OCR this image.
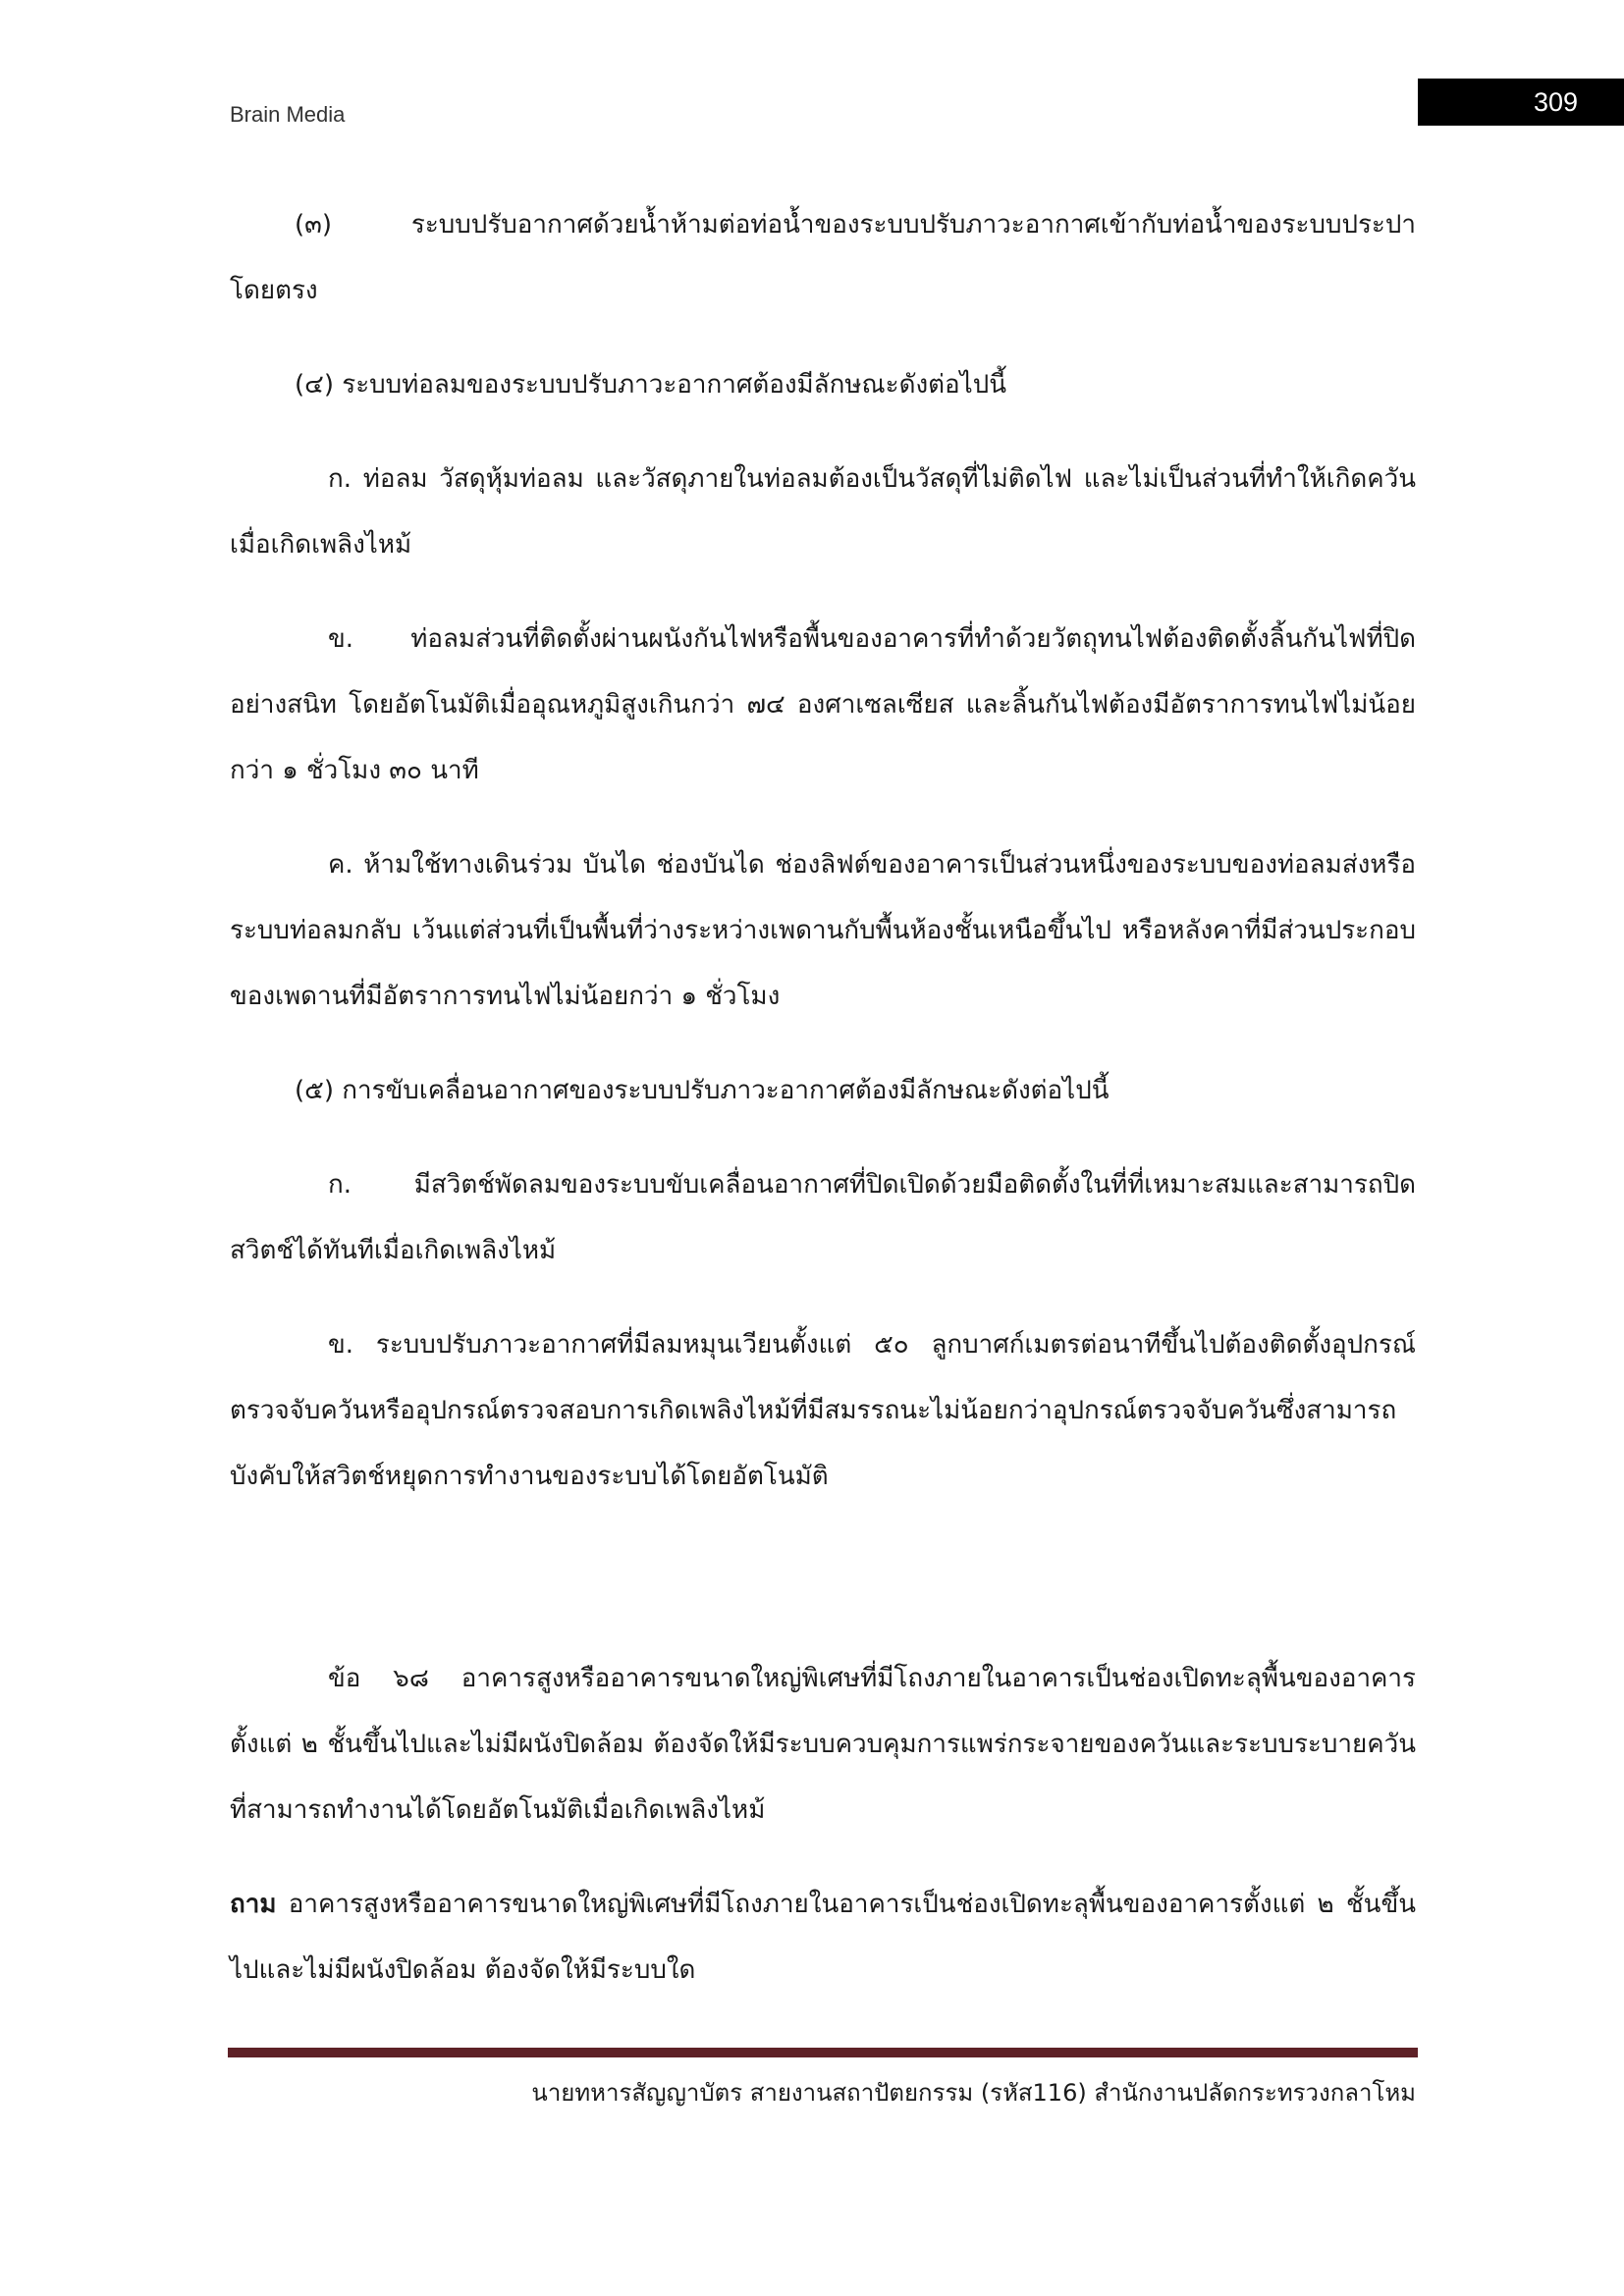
Brain Media	309

(๓) ระบบปรับอากาศด้วยน้ำห้ามต่อท่อน้ำของระบบปรับภาวะอากาศเข้ากับท่อน้ำของระบบประปาโดยตรง

(๔) ระบบท่อลมของระบบปรับภาวะอากาศต้องมีลักษณะดังต่อไปนี้

ก. ท่อลม วัสดุหุ้มท่อลม และวัสดุภายในท่อลมต้องเป็นวัสดุที่ไม่ติดไฟ และไม่เป็นส่วนที่ทำให้เกิดควันเมื่อเกิดเพลิงไหม้

ข. ท่อลมส่วนที่ติดตั้งผ่านผนังกันไฟหรือพื้นของอาคารที่ทำด้วยวัตถุทนไฟต้องติดตั้งลิ้นกันไฟที่ปิดอย่างสนิท โดยอัตโนมัติเมื่ออุณหภูมิสูงเกินกว่า ๗๔ องศาเซลเซียส และลิ้นกันไฟต้องมีอัตราการทนไฟไม่น้อยกว่า ๑ ชั่วโมง ๓๐ นาที

ค. ห้ามใช้ทางเดินร่วม บันได ช่องบันได ช่องลิฟต์ของอาคารเป็นส่วนหนึ่งของระบบของท่อลมส่งหรือระบบท่อลมกลับ เว้นแต่ส่วนที่เป็นพื้นที่ว่างระหว่างเพดานกับพื้นห้องชั้นเหนือขึ้นไป หรือหลังคาที่มีส่วนประกอบของเพดานที่มีอัตราการทนไฟไม่น้อยกว่า ๑ ชั่วโมง

(๕) การขับเคลื่อนอากาศของระบบปรับภาวะอากาศต้องมีลักษณะดังต่อไปนี้

ก. มีสวิตช์พัดลมของระบบขับเคลื่อนอากาศที่ปิดเปิดด้วยมือติดตั้งในที่ที่เหมาะสมและสามารถปิดสวิตช์ได้ทันทีเมื่อเกิดเพลิงไหม้

ข. ระบบปรับภาวะอากาศที่มีลมหมุนเวียนตั้งแต่ ๕๐ ลูกบาศก์เมตรต่อนาทีขึ้นไปต้องติดตั้งอุปกรณ์ตรวจจับควันหรืออุปกรณ์ตรวจสอบการเกิดเพลิงไหม้ที่มีสมรรถนะไม่น้อยกว่าอุปกรณ์ตรวจจับควันซึ่งสามารถบังคับให้สวิตช์หยุดการทำงานของระบบได้โดยอัตโนมัติ

ข้อ ๖๘ อาคารสูงหรืออาคารขนาดใหญ่พิเศษที่มีโถงภายในอาคารเป็นช่องเปิดทะลุพื้นของอาคารตั้งแต่ ๒ ชั้นขึ้นไปและไม่มีผนังปิดล้อม ต้องจัดให้มีระบบควบคุมการแพร่กระจายของควันและระบบระบายควันที่สามารถทำงานได้โดยอัตโนมัติเมื่อเกิดเพลิงไหม้

ถาม อาคารสูงหรืออาคารขนาดใหญ่พิเศษที่มีโถงภายในอาคารเป็นช่องเปิดทะลุพื้นของอาคารตั้งแต่ ๒ ชั้นขึ้นไปและไม่มีผนังปิดล้อม ต้องจัดให้มีระบบใด

นายทหารสัญญาบัตร สายงานสถาปัตยกรรม (รหัส116) สำนักงานปลัดกระทรวงกลาโหม
